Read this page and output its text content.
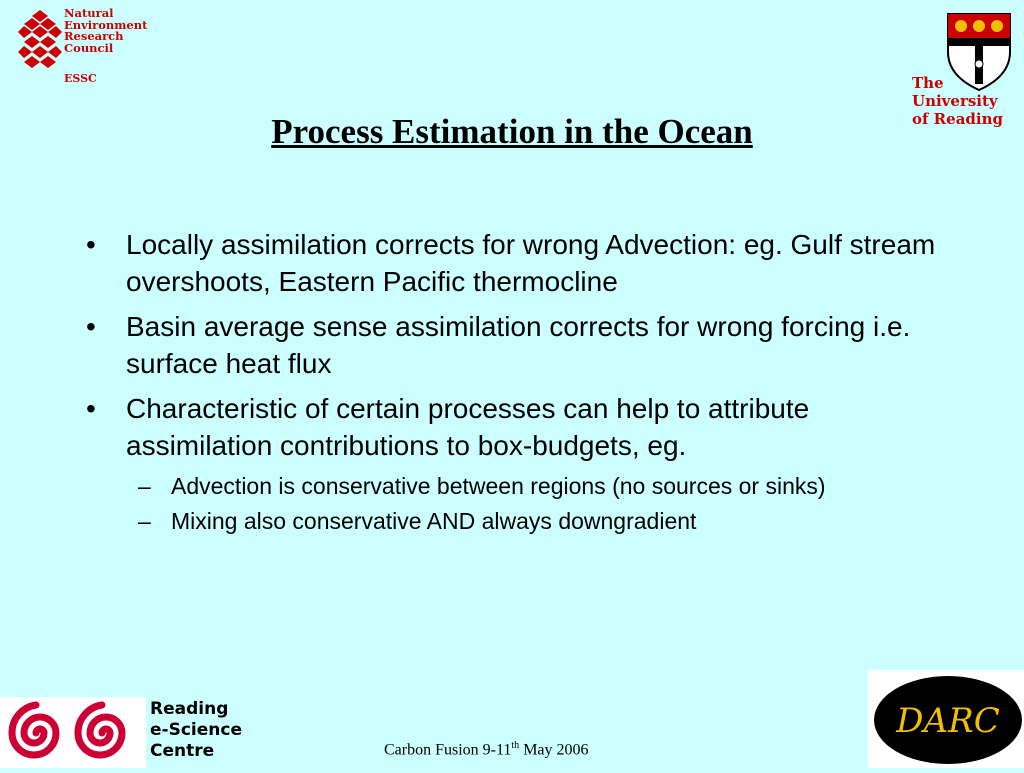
Natural
Environment
Research
Council
ESSC	The
University
of Reading
Process Estimation in the Ocean
• Locally assimilation corrects for wrong Advection: eg. Gulf stream overshoots, Eastern Pacific thermocline
• Basin average sense assimilation corrects for wrong forcing i.e. surface heat flux
• Characteristic of certain processes can help to attribute assimilation contributions to box-budgets, eg.
– Advection is conservative between regions (no sources or sinks)
– Mixing also conservative AND always downgradient
Reading
e-Science
Centre
DARC
Carbon Fusion 9-11th May 2006
